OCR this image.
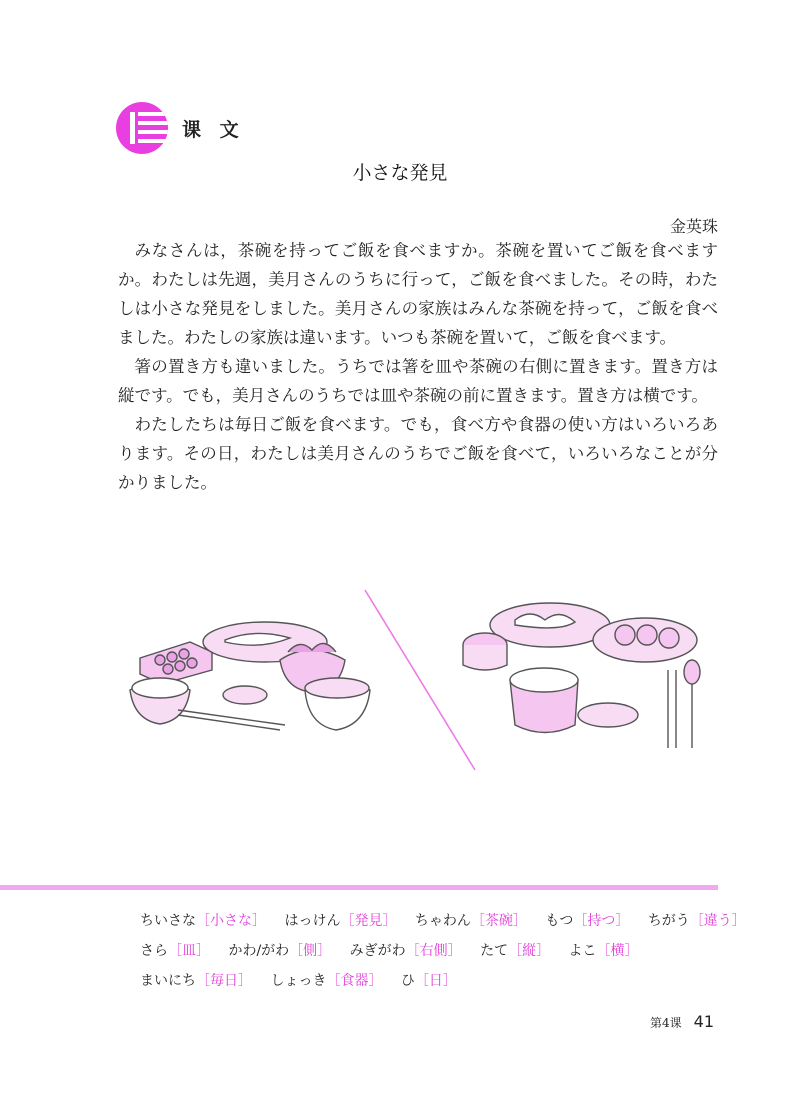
课 文
小さな発見
金英珠

みなさんは，茶碗を持ってご飯を食べますか。茶碗を置いてご飯を食べますか。わたしは先週，美月さんのうちに行って，ご飯を食べました。その時，わたしは小さな発見をしました。美月さんの家族はみんな茶碗を持って，ご飯を食べました。わたしの家族は違います。いつも茶碗を置いて，ご飯を食べます。

箸の置き方も違いました。うちでは箸を皿や茶碗の右側に置きます。置き方は縦です。でも，美月さんのうちでは皿や茶碗の前に置きます。置き方は横です。

わたしたちは毎日ご飯を食べます。でも，食べ方や食器の使い方はいろいろあります。その日，わたしは美月さんのうちでご飯を食べて，いろいろなことが分かりました。

ちいさな［小さな］ はっけん［発見］ ちゃわん［茶碗］ もつ［持つ］ ちがう［違う］
さら［皿］ かわ/がわ［側］ みぎがわ［右側］ たて［縦］ よこ［横］
まいにち［毎日］ しょっき［食器］ ひ［日］
第4课 41
